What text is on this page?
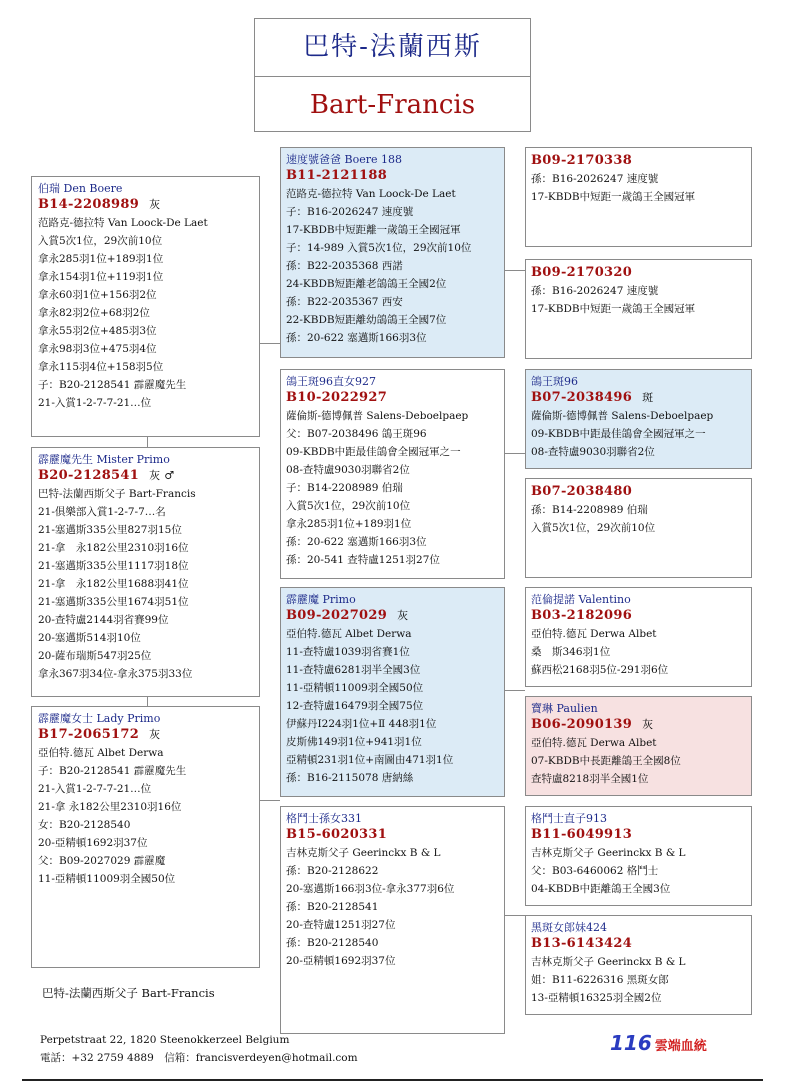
巴特-法蘭西斯
Bart-Francis
伯瑞 Den Boere
B14-2208989 灰
范路克-德拉特 Van Loock-De Laet
入賞5次1位，29次前10位
拿永285羽1位+189羽1位
拿永154羽1位+119羽1位
拿永60羽1位+156羽2位
拿永82羽2位+68羽2位
拿永55羽2位+485羽3位
拿永98羽3位+475羽4位
拿永115羽4位+158羽5位
子：B20-2128541 霹靂魔先生
21-入賞1-2-7-7-21…位
霹靂魔先生 Mister Primo
B20-2128541 灰 ♂
巴特-法蘭西斯父子 Bart-Francis
21-俱樂部入賞1-2-7-7…名
21-塞邁斯335公里827羽15位
21-拿　永182公里2310羽16位
21-塞邁斯335公里1117羽18位
21-拿　永182公里1688羽41位
21-塞邁斯335公里1674羽51位
20-查特盧2144羽省賽99位
20-塞邁斯514羽10位
20-薩布瑞斯547羽25位
拿永367羽34位-拿永375羽33位
霹靂魔女士 Lady Primo
B17-2065172 灰
亞伯特.德瓦 Albet Derwa
子：B20-2128541 霹靂魔先生
21-入賞1-2-7-7-21…位
21-拿 永182公里2310羽16位
女：B20-2128540
20-亞精頓1692羽37位
父：B09-2027029 霹靂魔
11-亞精頓11009羽全國50位
速度號爸爸 Boere 188
B11-2121188
范路克-德拉特 Van Loock-De Laet
子：B16-2026247 速度號
17-KBDB中短距離一歲鴿王全國冠軍
子：14-989 入賞5次1位，29次前10位
孫：B22-2035368 西諾
24-KBDB短距離老鴿鴿王全國2位
孫：B22-2035367 西安
22-KBDB短距離幼鴿鴿王全國7位
孫：20-622 塞邁斯166羽3位
鴿王斑96直女927
B10-2022927
薩倫斯-德博佩普 Salens-Deboelpaep
父：B07-2038496 鴿王斑96
09-KBDB中距最佳鴿會全國冠軍之一
08-查特盧9030羽聯省2位
子：B14-2208989 伯瑞
入賞5次1位，29次前10位
拿永285羽1位+189羽1位
孫：20-622 塞邁斯166羽3位
孫：20-541 查特盧1251羽27位
霹靂魔 Primo
B09-2027029 灰
亞伯特.德瓦 Albet Derwa
11-查特盧1039羽省賽1位
11-查特盧6281羽半全國3位
11-亞精頓11009羽全國50位
12-查特盧16479羽全國75位
伊蘇丹Ⅰ224羽1位+Ⅱ 448羽1位
皮斯佛149羽1位+941羽1位
亞精頓231羽1位+南圖由471羽1位
孫：B16-2115078 唐納絲
格鬥士孫女331
B15-6020331
吉林克斯父子 Geerinckx B & L
孫：B20-2128622
20-塞邁斯166羽3位-拿永377羽6位
孫：B20-2128541
20-查特盧1251羽27位
孫：B20-2128540
20-亞精頓1692羽37位
B09-2170338
孫：B16-2026247 速度號
17-KBDB中短距一歲鴿王全國冠軍
B09-2170320
孫：B16-2026247 速度號
17-KBDB中短距一歲鴿王全國冠軍
鴿王斑96
B07-2038496 斑
薩倫斯-德博佩普 Salens-Deboelpaep
09-KBDB中距最佳鴿會全國冠軍之一
08-查特盧9030羽聯省2位
B07-2038480
孫：B14-2208989 伯瑞
入賞5次1位，29次前10位
范倫提諾 Valentino
B03-2182096
亞伯特.德瓦 Derwa Albet
桑　斯346羽1位
蘇西松2168羽5位-291羽6位
寶琳 Paulien
B06-2090139 灰
亞伯特.德瓦 Derwa Albet
07-KBDB中長距離鴿王全國8位
查特盧8218羽半全國1位
格鬥士直子913
B11-6049913
吉林克斯父子 Geerinckx B & L
父：B03-6460062 格鬥士
04-KBDB中距離鴿王全國3位
黑斑女郎妹424
B13-6143424
吉林克斯父子 Geerinckx B & L
姐：B11-6226316 黑斑女郎
13-亞精頓16325羽全國2位
巴特-法蘭西斯父子 Bart-Francis
Perpetstraat 22, 1820 Steenokkerzeel Belgium
電話：+32 2759 4889　信箱：francisverdeyen@hotmail.com
116 雲端血統
